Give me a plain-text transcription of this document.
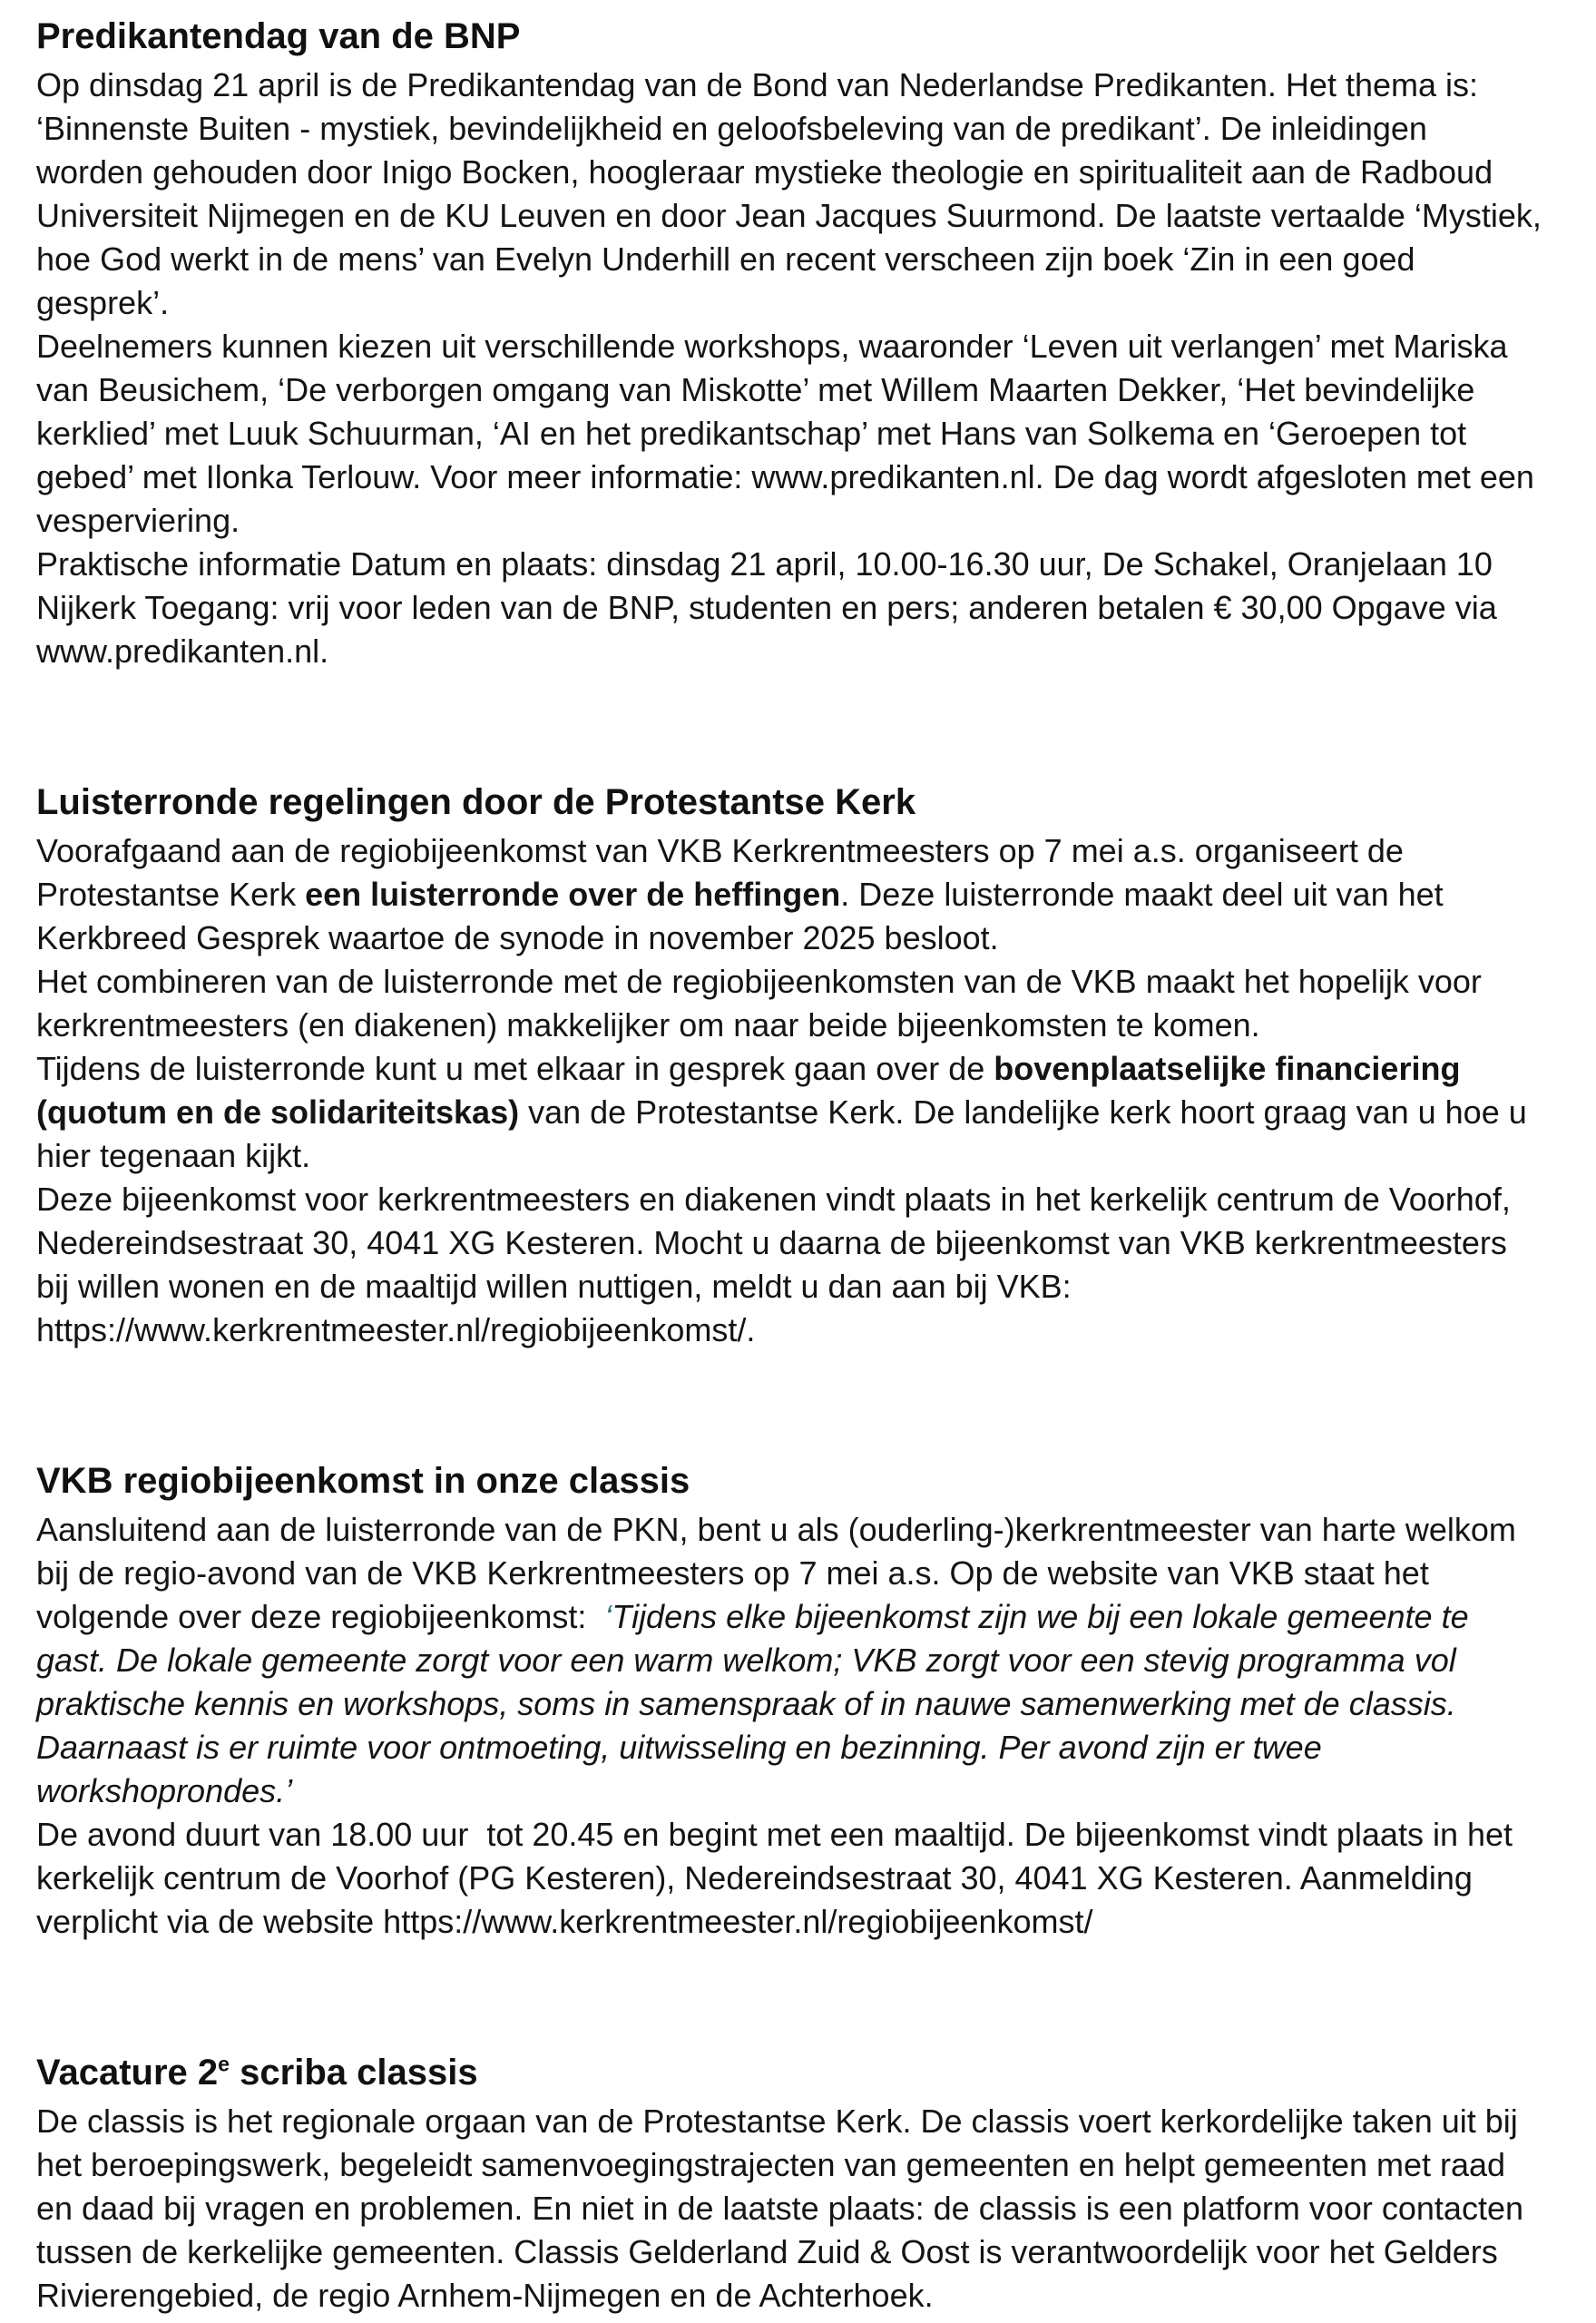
Predikantendag van de BNP

Op dinsdag 21 april is de Predikantendag van de Bond van Nederlandse Predikanten. Het thema is: ‘Binnenste Buiten - mystiek, bevindelijkheid en geloofsbeleving van de predikant’. De inleidingen worden gehouden door Inigo Bocken, hoogleraar mystieke theologie en spiritualiteit aan de Radboud Universiteit Nijmegen en de KU Leuven en door Jean Jacques Suurmond. De laatste vertaalde ‘Mystiek, hoe God werkt in de mens’ van Evelyn Underhill en recent verscheen zijn boek ‘Zin in een goed gesprek’.

Deelnemers kunnen kiezen uit verschillende workshops, waaronder ‘Leven uit verlangen’ met Mariska van Beusichem, ‘De verborgen omgang van Miskotte’ met Willem Maarten Dekker, ‘Het bevindelijke kerklied’ met Luuk Schuurman, ‘AI en het predikantschap’ met Hans van Solkema en ‘Geroepen tot gebed’ met Ilonka Terlouw. Voor meer informatie: www.predikanten.nl. De dag wordt afgesloten met een vesperviering.

Praktische informatie Datum en plaats: dinsdag 21 april, 10.00-16.30 uur, De Schakel, Oranjelaan 10 Nijkerk Toegang: vrij voor leden van de BNP, studenten en pers; anderen betalen € 30,00 Opgave via www.predikanten.nl.

Luisterronde regelingen door de Protestantse Kerk

Voorafgaand aan de regiobijeenkomst van VKB Kerkrentmeesters op 7 mei a.s. organiseert de Protestantse Kerk een luisterronde over de heffingen. Deze luisterronde maakt deel uit van het Kerkbreed Gesprek waartoe de synode in november 2025 besloot.

Het combineren van de luisterronde met de regiobijeenkomsten van de VKB maakt het hopelijk voor kerkrentmeesters (en diakenen) makkelijker om naar beide bijeenkomsten te komen.

Tijdens de luisterronde kunt u met elkaar in gesprek gaan over de bovenplaatselijke financiering (quotum en de solidariteitskas) van de Protestantse Kerk. De landelijke kerk hoort graag van u hoe u hier tegenaan kijkt.

Deze bijeenkomst voor kerkrentmeesters en diakenen vindt plaats in het kerkelijk centrum de Voorhof, Nedereindsestraat 30, 4041 XG Kesteren. Mocht u daarna de bijeenkomst van VKB kerkrentmeesters bij willen wonen en de maaltijd willen nuttigen, meldt u dan aan bij VKB: https://www.kerkrentmeester.nl/regiobijeenkomst/.

VKB regiobijeenkomst in onze classis

Aansluitend aan de luisterronde van de PKN, bent u als (ouderling-)kerkrentmeester van harte welkom bij de regio-avond van de VKB Kerkrentmeesters op 7 mei a.s. Op de website van VKB staat het volgende over deze regiobijeenkomst:  ‘Tijdens elke bijeenkomst zijn we bij een lokale gemeente te gast. De lokale gemeente zorgt voor een warm welkom; VKB zorgt voor een stevig programma vol praktische kennis en workshops, soms in samenspraak of in nauwe samenwerking met de classis. Daarnaast is er ruimte voor ontmoeting, uitwisseling en bezinning. Per avond zijn er twee workshoprondes.’

De avond duurt van 18.00 uur  tot 20.45 en begint met een maaltijd. De bijeenkomst vindt plaats in het kerkelijk centrum de Voorhof (PG Kesteren), Nedereindsestraat 30, 4041 XG Kesteren. Aanmelding verplicht via de website https://www.kerkrentmeester.nl/regiobijeenkomst/

Vacature 2e scriba classis

De classis is het regionale orgaan van de Protestantse Kerk. De classis voert kerkordelijke taken uit bij het beroepingswerk, begeleidt samenvoegingstrajecten van gemeenten en helpt gemeenten met raad en daad bij vragen en problemen. En niet in de laatste plaats: de classis is een platform voor contacten tussen de kerkelijke gemeenten. Classis Gelderland Zuid & Oost is verantwoordelijk voor het Gelders Rivierengebied, de regio Arnhem-Nijmegen en de Achterhoek.
